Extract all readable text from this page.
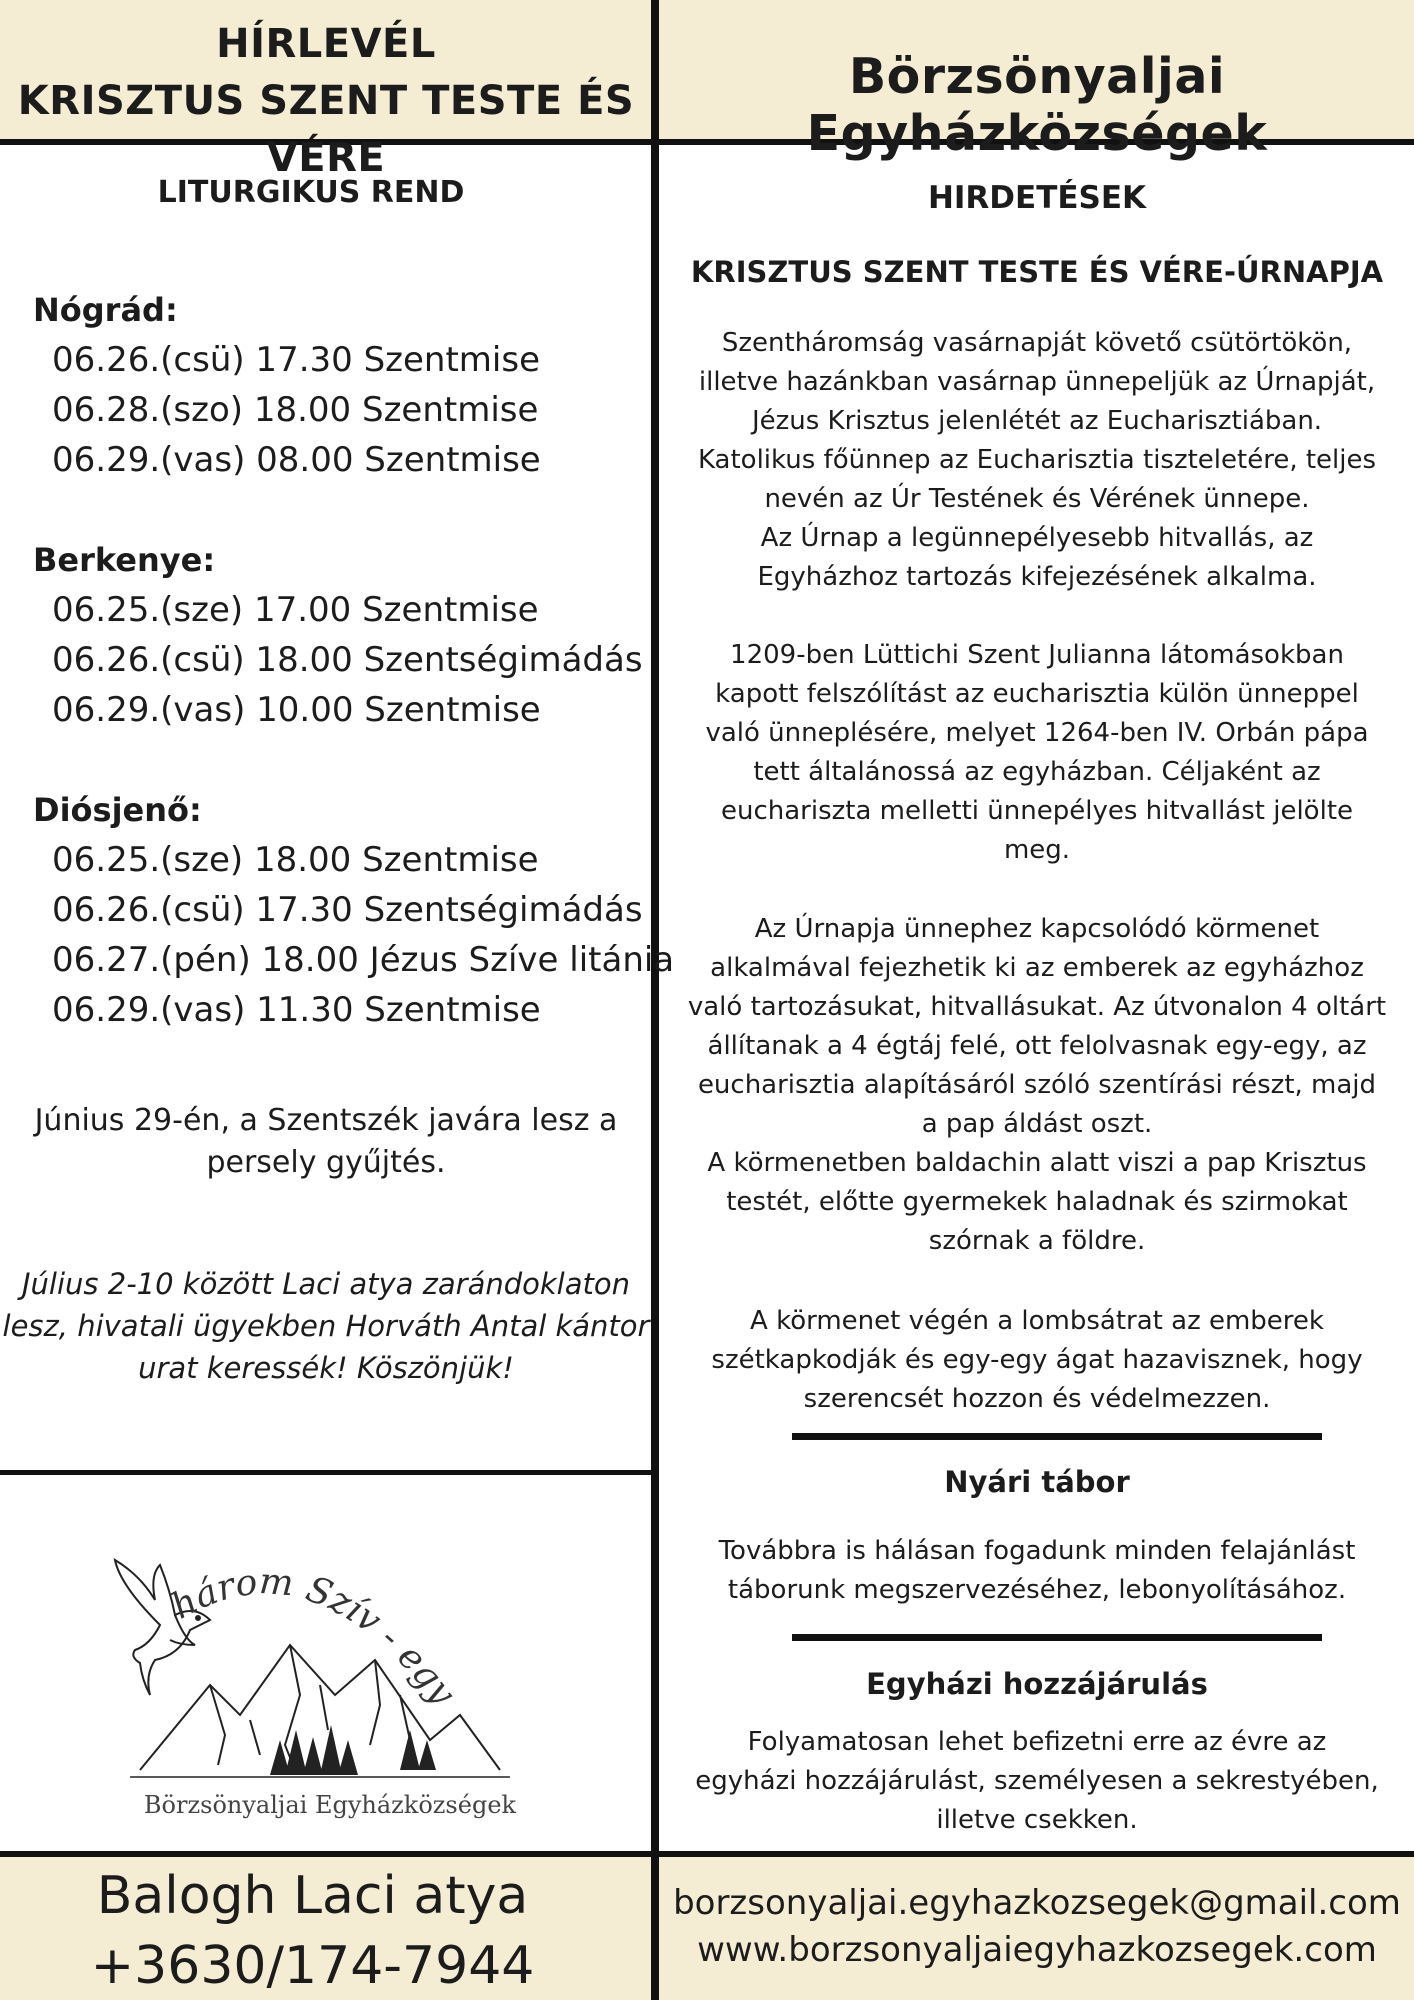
HÍRLEVÉL
KRISZTUS SZENT TESTE ÉS VÉRE
Börzsönyaljai Egyházközségek
LITURGIKUS REND
Nógrád:
06.26.(csü) 17.30 Szentmise
06.28.(szo) 18.00 Szentmise
06.29.(vas) 08.00 Szentmise
Berkenye:
06.25.(sze) 17.00 Szentmise
06.26.(csü) 18.00 Szentségimádás
06.29.(vas) 10.00 Szentmise
Diósjenő:
06.25.(sze) 18.00 Szentmise
06.26.(csü) 17.30 Szentségimádás
06.27.(pén) 18.00 Jézus Szíve litánia
06.29.(vas) 11.30 Szentmise
Június 29-én, a Szentszék javára lesz a
persely gyűjtés.
Július 2-10 között Laci atya zarándoklaton
lesz, hivatali ügyekben Horváth Antal kántor
urat keressék! Köszönjük!
három Szív - egy
Börzsönyaljai Egyházközségek
HIRDETÉSEK
KRISZTUS SZENT TESTE ÉS VÉRE-ÚRNAPJA
Szentháromság vasárnapját követő csütörtökön,
illetve hazánkban vasárnap ünnepeljük az Úrnapját,
Jézus Krisztus jelenlétét az Eucharisztiában.
Katolikus főünnep az Eucharisztia tiszteletére, teljes
nevén az Úr Testének és Vérének ünnepe.
Az Úrnap a legünnepélyesebb hitvallás, az
Egyházhoz tartozás kifejezésének alkalma.
1209-ben Lüttichi Szent Julianna látomásokban
kapott felszólítást az eucharisztia külön ünneppel
való ünneplésére, melyet 1264-ben IV. Orbán pápa
tett általánossá az egyházban. Céljaként az
euchariszta melletti ünnepélyes hitvallást jelölte
meg.
Az Úrnapja ünnephez kapcsolódó körmenet
alkalmával fejezhetik ki az emberek az egyházhoz
való tartozásukat, hitvallásukat. Az útvonalon 4 oltárt
állítanak a 4 égtáj felé, ott felolvasnak egy-egy, az
eucharisztia alapításáról szóló szentírási részt, majd
a pap áldást oszt.
A körmenetben baldachin alatt viszi a pap Krisztus
testét, előtte gyermekek haladnak és szirmokat
szórnak a földre.
A körmenet végén a lombsátrat az emberek
szétkapkodják és egy-egy ágat hazavisznek, hogy
szerencsét hozzon és védelmezzen.
Nyári tábor
Továbbra is hálásan fogadunk minden felajánlást
táborunk megszervezéséhez, lebonyolításához.
Egyházi hozzájárulás
Folyamatosan lehet befizetni erre az évre az
egyházi hozzájárulást, személyesen a sekrestyében,
illetve csekken.
Balogh Laci atya
+3630/174-7944
borzsonyaljai.egyhazkozsegek@gmail.com
www.borzsonyaljaiegyhazkozsegek.com
